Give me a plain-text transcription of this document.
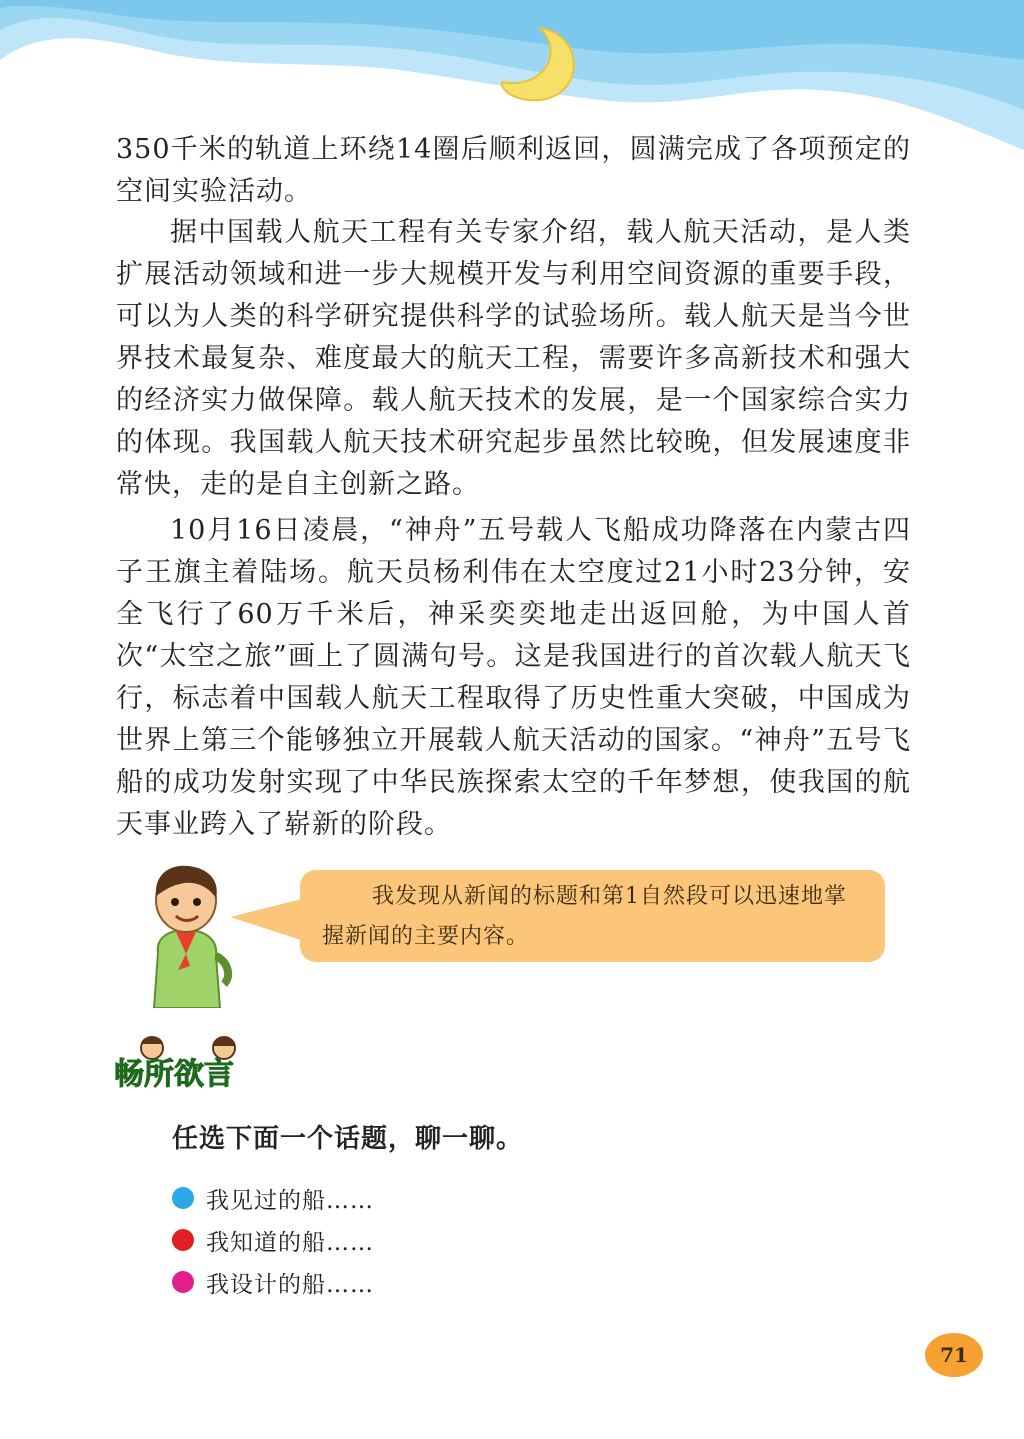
350千米的轨道上环绕14圈后顺利返回，圆满完成了各项预定的空间实验活动。

据中国载人航天工程有关专家介绍，载人航天活动，是人类扩展活动领域和进一步大规模开发与利用空间资源的重要手段，可以为人类的科学研究提供科学的试验场所。载人航天是当今世界技术最复杂、难度最大的航天工程，需要许多高新技术和强大的经济实力做保障。载人航天技术的发展，是一个国家综合实力的体现。我国载人航天技术研究起步虽然比较晚，但发展速度非常快，走的是自主创新之路。

10月16日凌晨，“神舟”五号载人飞船成功降落在内蒙古四子王旗主着陆场。航天员杨利伟在太空度过21小时23分钟，安全飞行了60万千米后，神采奕奕地走出返回舱，为中国人首次“太空之旅”画上了圆满句号。这是我国进行的首次载人航天飞行，标志着中国载人航天工程取得了历史性重大突破，中国成为世界上第三个能够独立开展载人航天活动的国家。“神舟”五号飞船的成功发射实现了中华民族探索太空的千年梦想，使我国的航天事业跨入了崭新的阶段。

我发现从新闻的标题和第1自然段可以迅速地掌握新闻的主要内容。

畅所欲言
任选下面一个话题，聊一聊。
我见过的船……
我知道的船……
我设计的船……
71
